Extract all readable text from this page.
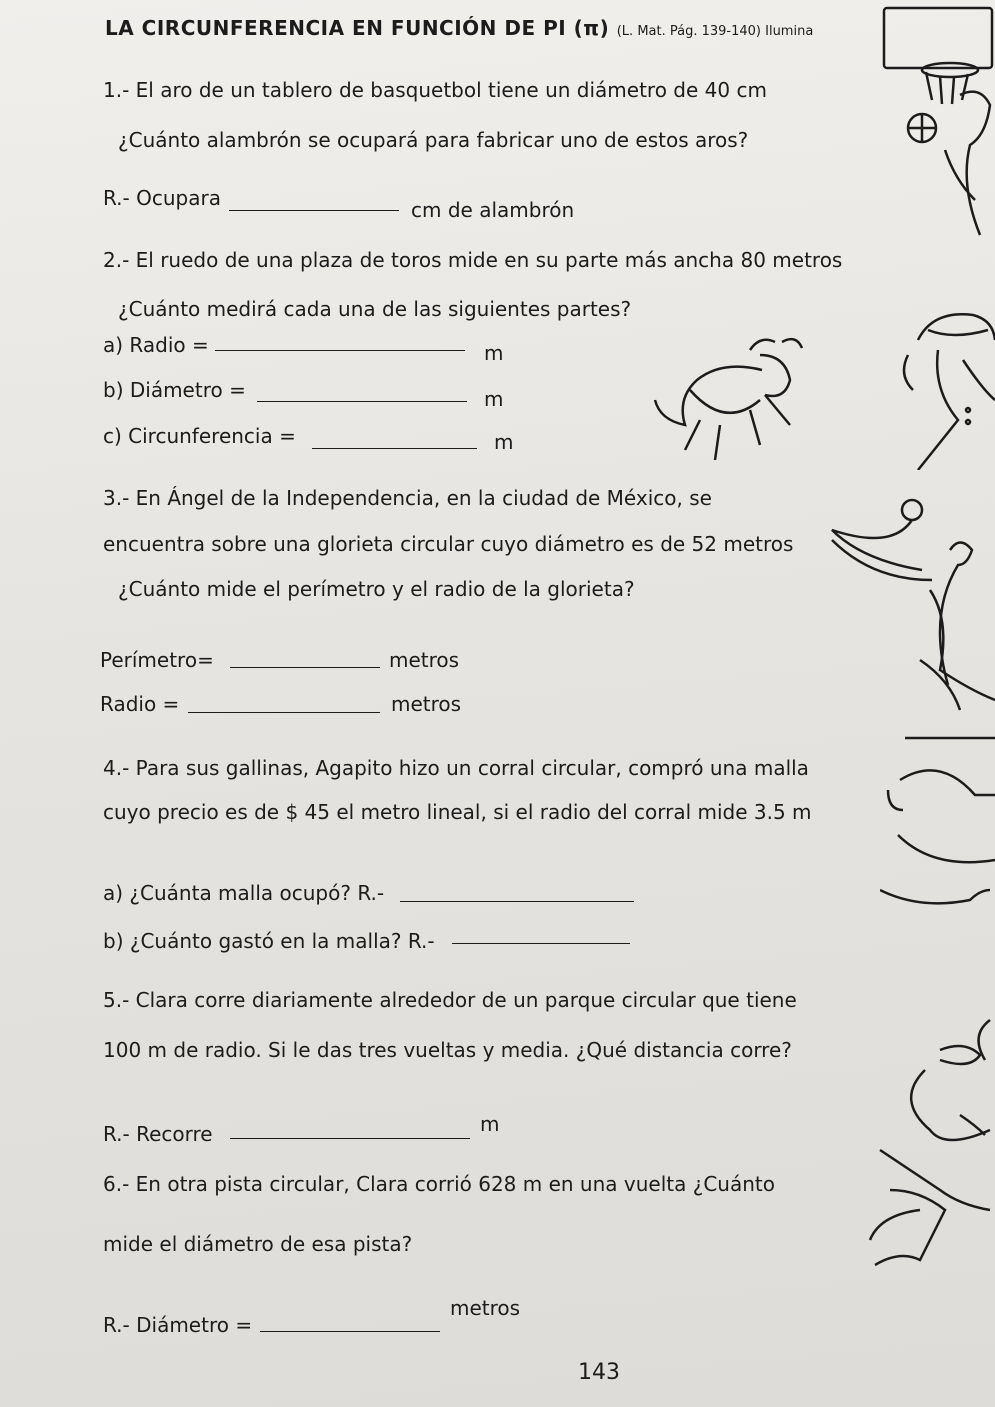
LA CIRCUNFERENCIA EN FUNCIÓN DE PI (π) (L. Mat. Pág. 139-140) Ilumina
1.- El aro de un tablero de basquetbol tiene un diámetro de 40 cm
¿Cuánto alambrón se ocupará para fabricar uno de estos aros?
R.- Ocupara	cm de alambrón
2.- El ruedo de una plaza de toros mide en su parte más ancha 80 metros
¿Cuánto medirá cada una de las siguientes partes?
a) Radio =	m
b) Diámetro =	m
c) Circunferencia =	m
3.- En Ángel de la Independencia, en la ciudad de México, se
encuentra sobre una glorieta circular cuyo diámetro es de 52 metros
¿Cuánto mide el perímetro y el radio de la glorieta?
Perímetro=	metros
Radio =	metros
4.- Para sus gallinas, Agapito hizo un corral circular, compró una malla
cuyo precio es de $ 45 el metro lineal, si el radio del corral mide 3.5 m
a) ¿Cuánta malla ocupó? R.-
b) ¿Cuánto gastó en la malla? R.-
5.- Clara corre diariamente alrededor de un parque circular que tiene
100 m de radio. Si le das tres vueltas y media. ¿Qué distancia corre?
R.- Recorre	m
6.- En otra pista circular, Clara corrió 628 m en una vuelta ¿Cuánto
mide el diámetro de esa pista?
R.- Diámetro =
metros
143
